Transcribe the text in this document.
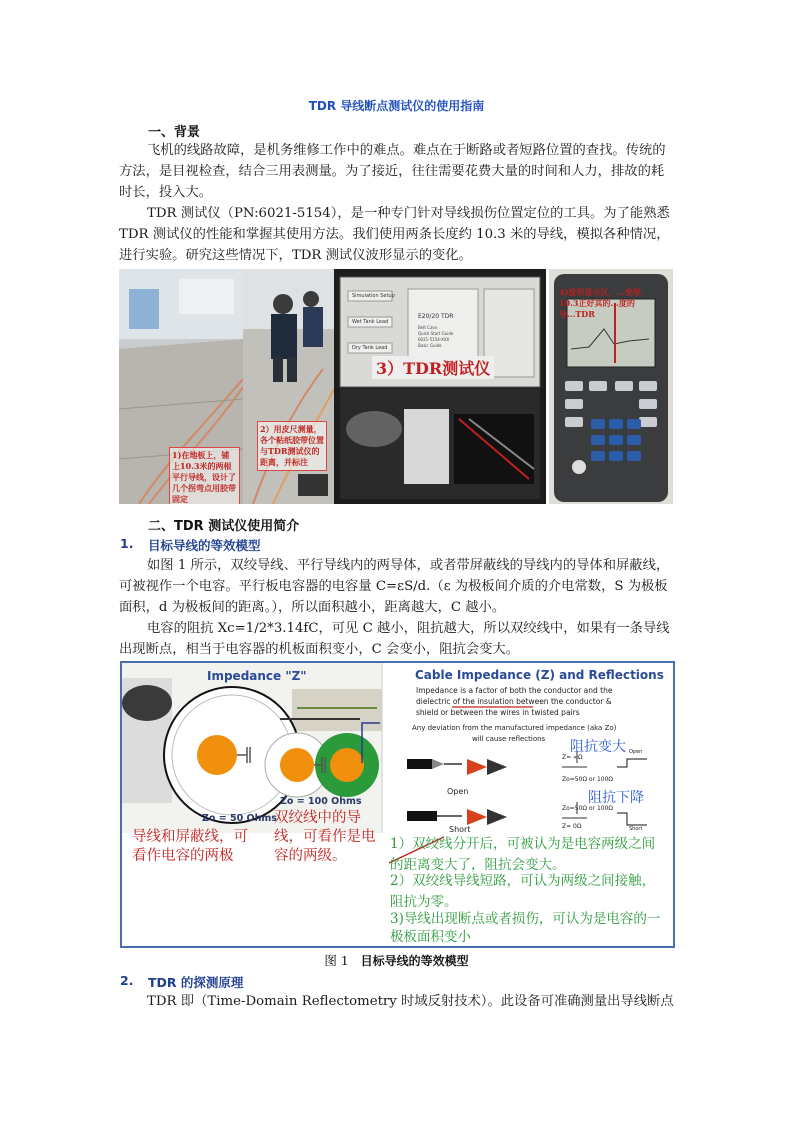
TDR 导线断点测试仪的使用指南
一、背景
飞机的线路故障，是机务维修工作中的难点。难点在于断路或者短路位置的查找。传统的方法，是目视检查，结合三用表测量。为了接近，往往需要花费大量的时间和人力，排故的耗时长，投入大。
TDR 测试仪（PN:6021-5154），是一种专门针对导线损伤位置定位的工具。为了能熟悉 TDR 测试仪的性能和掌握其使用方法。我们使用两条长度约 10.3 米的导线，模拟各种情况，进行实验。研究这些情况下，TDR 测试仪波形显示的变化。
1)在地板上，铺上10.3米的两根平行导线，设计了几个拐弯点用胶带固定
2）用皮尺测量，各个粘纸胶带位置与TDR测试仪的距离，并标注
Simulation Setup
Wet Tank Lead
Dry Tank Lead
E20/20 TDR
Belt Case
Quick Start Guide
6021-5154-XXX
Basic Guide
3）TDR测试仪
4)波形显示区，...变形，10.3正好其的...度的导...TDR
二、TDR 测试仪使用简介
1. 目标导线的等效模型
如图 1 所示，双绞导线、平行导线内的两导体，或者带屏蔽线的导线内的导体和屏蔽线，可被视作一个电容。平行板电容器的电容量 C=εS/d.（ε 为极板间介质的介电常数，S 为极板面积，d 为极板间的距离。），所以面积越小，距离越大，C 越小。
电容的阻抗 Xc=1/2*3.14fC，可见 C 越小，阻抗越大，所以双绞线中，如果有一条导线出现断点，相当于电容器的机板面积变小，C 会变小，阻抗会变大。
Impedance "Z"
Zo = 50 Ohms
Zo = 100 Ohms
导线和屏蔽线，可看作电容的两极
双绞线中的导线，可看作是电容的两级。
Cable Impedance (Z) and Reflections
Impedance is a factor of both the conductor and the
dielectric of the insulation between the conductor &
shield or between the wires in twisted pairs
Any deviation from the manufactured impedance (aka Zo)
will cause reflections 阻抗变大
阻抗下降
Open
Short
Z= ∞Ω
Zo=50Ω or 100Ω
Zo=50Ω or 100Ω
Z= 0Ω
Open
Short
1）双绞线分开后，可被认为是电容两级之间的距离变大了，阻抗会变大。
2）双绞线导线短路，可认为两级之间接触，阻抗为零。
3)导线出现断点或者损伤，可认为是电容的一极板面积变小
图 1 目标导线的等效模型
2. TDR 的探测原理
TDR 即（Time-Domain Reflectometry 时域反射技术）。此设备可准确测量出导线断点
